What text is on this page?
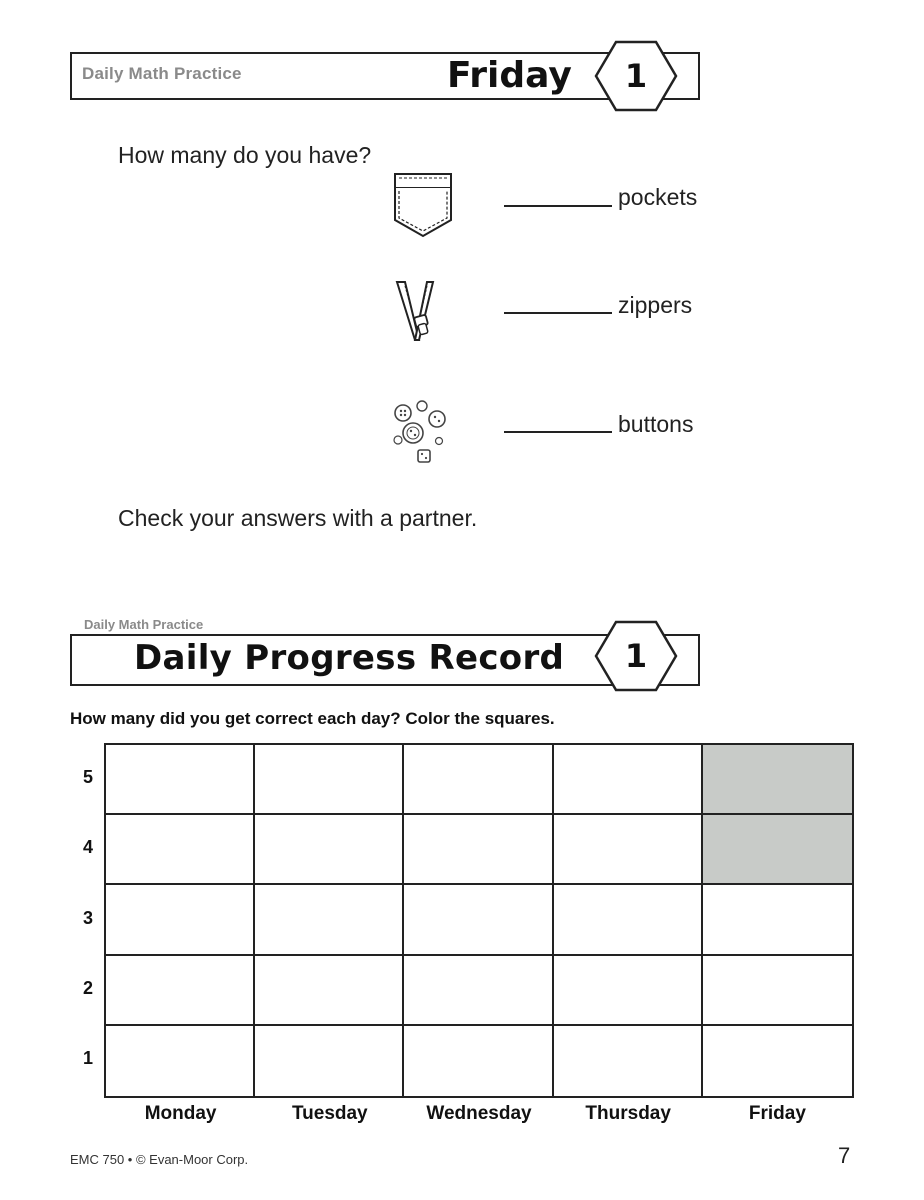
Daily Math Practice	Friday	1
How many do you have?
pockets
zippers
buttons
Check your answers with a partner.
Daily Math Practice
Daily Progress Record	1
How many did you get correct each day? Color the squares.
5
4
3
2
1
Monday	Tuesday	Wednesday	Thursday	Friday
EMC 750 • © Evan-Moor Corp.	7
